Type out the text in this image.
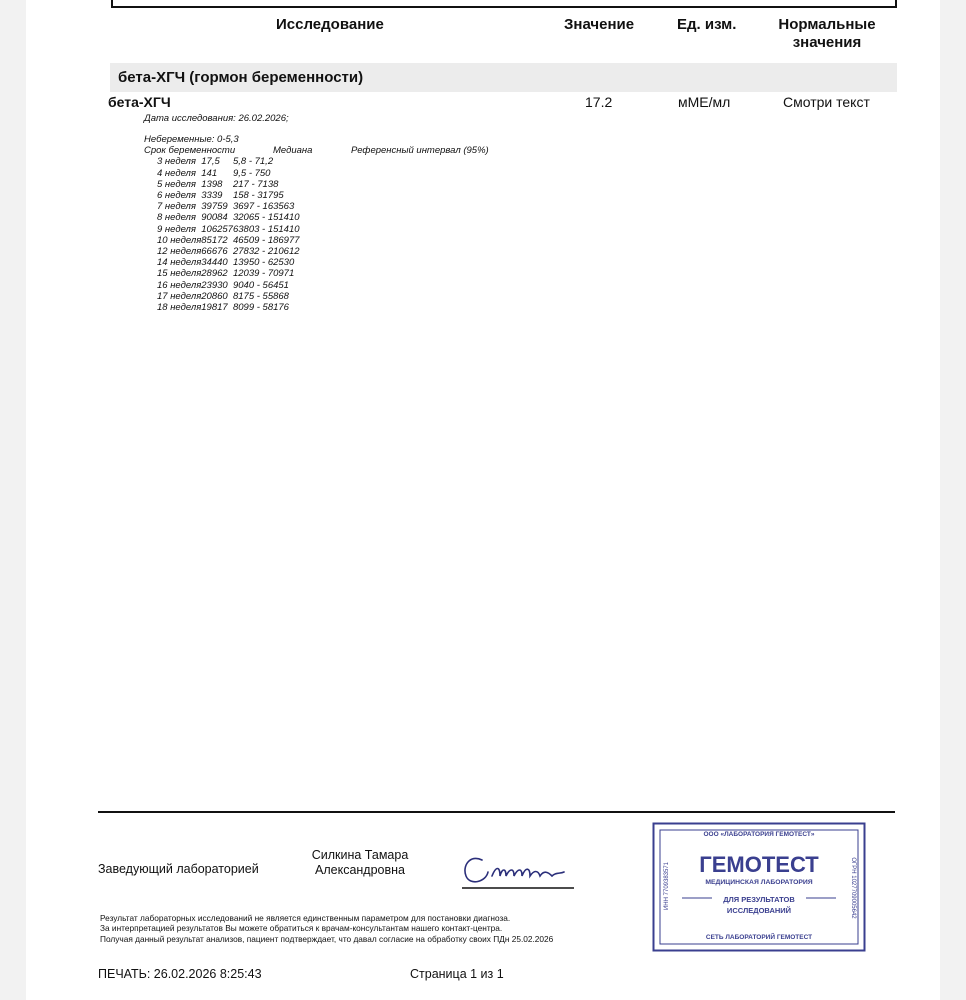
Исследование	Значение	Ед. изм.	Нормальные
значения
бета-ХГЧ (гормон беременности)
бета-ХГЧ	17.2	мМЕ/мл	Смотри текст
Дата исследования: 26.02.2026;
Небеременные: 0-5,3
Срок беременности	Медиана	Референсный интервал (95%)
3 неделя	17,5	5,8 - 71,2
4 неделя	141	9,5 - 750
5 неделя	1398	217 - 7138
6 неделя	3339	158 - 31795
7 неделя	39759	3697 - 163563
8 неделя	90084	32065 - 151410
9 неделя	106257	63803 - 151410
10 неделя	85172	46509 - 186977
12 неделя	66676	27832 - 210612
14 неделя	34440	13950 - 62530
15 неделя	28962	12039 - 70971
16 неделя	23930	9040 - 56451
17 неделя	20860	8175 - 55868
18 неделя	19817	8099 - 58176
Заведующий лабораторией
Силкина Тамара
Александровна
Результат лабораторных исследований не является единственным параметром для постановки диагноза.
За интерпретацией результатов Вы можете обратиться к врачам-консультантам нашего контакт-центра.
Получая данный результат анализов, пациент подтверждает, что давал согласие на обработку своих ПДн 25.02.2026
ПЕЧАТЬ: 26.02.2026 8:25:43	Страница 1 из 1
ООО «ЛАБОРАТОРИЯ ГЕМОТЕСТ»
ГЕМОТЕСТ
МЕДИЦИНСКАЯ ЛАБОРАТОРИЯ
ДЛЯ РЕЗУЛЬТАТОВ
ИССЛЕДОВАНИЙ
СЕТЬ ЛАБОРАТОРИЙ ГЕМОТЕСТ
ИНН 7709383571	ОГРН 1027709005642
